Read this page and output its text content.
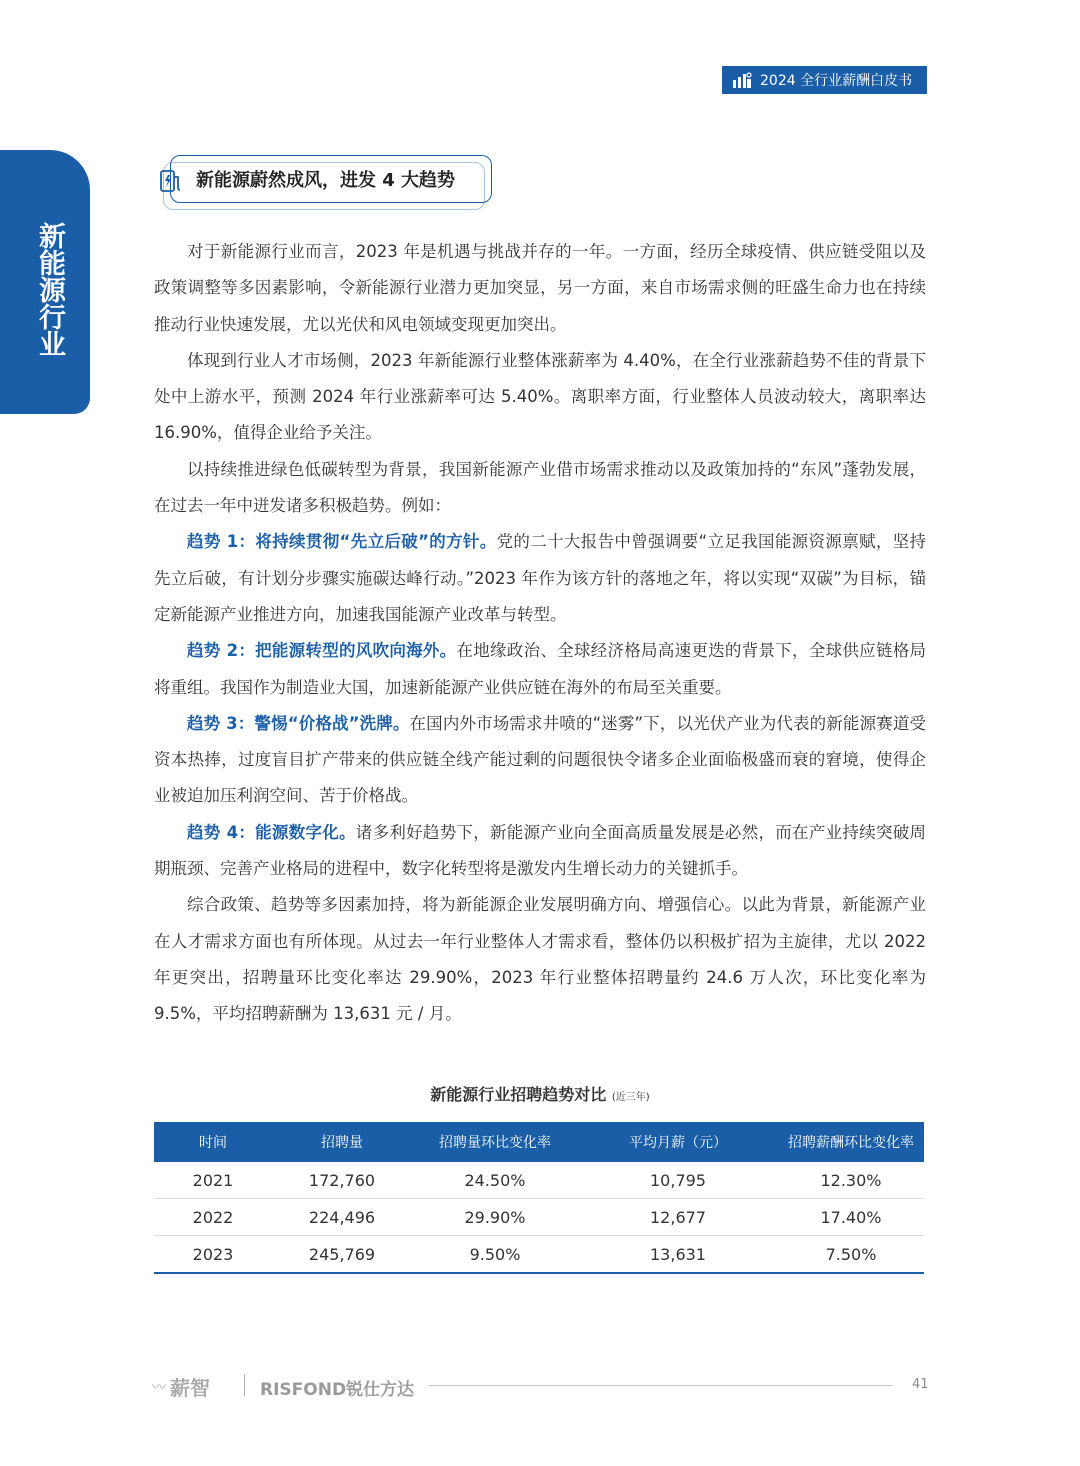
2024 全行业薪酬白皮书
新能源行业
新能源蔚然成风，进发 4 大趋势

对于新能源行业而言，2023 年是机遇与挑战并存的一年。一方面，经历全球疫情、供应链受阻以及政策调整等多因素影响，令新能源行业潜力更加突显，另一方面，来自市场需求侧的旺盛生命力也在持续推动行业快速发展，尤以光伏和风电领域变现更加突出。

体现到行业人才市场侧，2023 年新能源行业整体涨薪率为 4.40%，在全行业涨薪趋势不佳的背景下处中上游水平，预测 2024 年行业涨薪率可达 5.40%。离职率方面，行业整体人员波动较大，离职率达 16.90%，值得企业给予关注。

以持续推进绿色低碳转型为背景，我国新能源产业借市场需求推动以及政策加持的“东风”蓬勃发展，在过去一年中迸发诸多积极趋势。例如：

趋势 1：将持续贯彻“先立后破”的方针。党的二十大报告中曾强调要“立足我国能源资源禀赋，坚持先立后破，有计划分步骤实施碳达峰行动。”2023 年作为该方针的落地之年，将以实现“双碳”为目标，锚定新能源产业推进方向，加速我国能源产业改革与转型。

趋势 2：把能源转型的风吹向海外。在地缘政治、全球经济格局高速更迭的背景下，全球供应链格局将重组。我国作为制造业大国，加速新能源产业供应链在海外的布局至关重要。

趋势 3：警惕“价格战”洗牌。在国内外市场需求井喷的“迷雾”下，以光伏产业为代表的新能源赛道受资本热捧，过度盲目扩产带来的供应链全线产能过剩的问题很快令诸多企业面临极盛而衰的窘境，使得企业被迫加压利润空间、苦于价格战。

趋势 4：能源数字化。诸多利好趋势下，新能源产业向全面高质量发展是必然，而在产业持续突破周期瓶颈、完善产业格局的进程中，数字化转型将是激发内生增长动力的关键抓手。

综合政策、趋势等多因素加持，将为新能源企业发展明确方向、增强信心。以此为背景，新能源产业在人才需求方面也有所体现。从过去一年行业整体人才需求看，整体仍以积极扩招为主旋律，尤以 2022 年更突出，招聘量环比变化率达 29.90%，2023 年行业整体招聘量约 24.6 万人次，环比变化率为 9.5%，平均招聘薪酬为 13,631 元 / 月。

新能源行业招聘趋势对比 (近三年)
时间	招聘量	招聘量环比变化率	平均月薪（元）	招聘薪酬环比变化率
2021	172,760	24.50%	10,795	12.30%
2022	224,496	29.90%	12,677	17.40%
2023	245,769	9.50%	13,631	7.50%
〰 薪智	RISFOND锐仕方达	41
